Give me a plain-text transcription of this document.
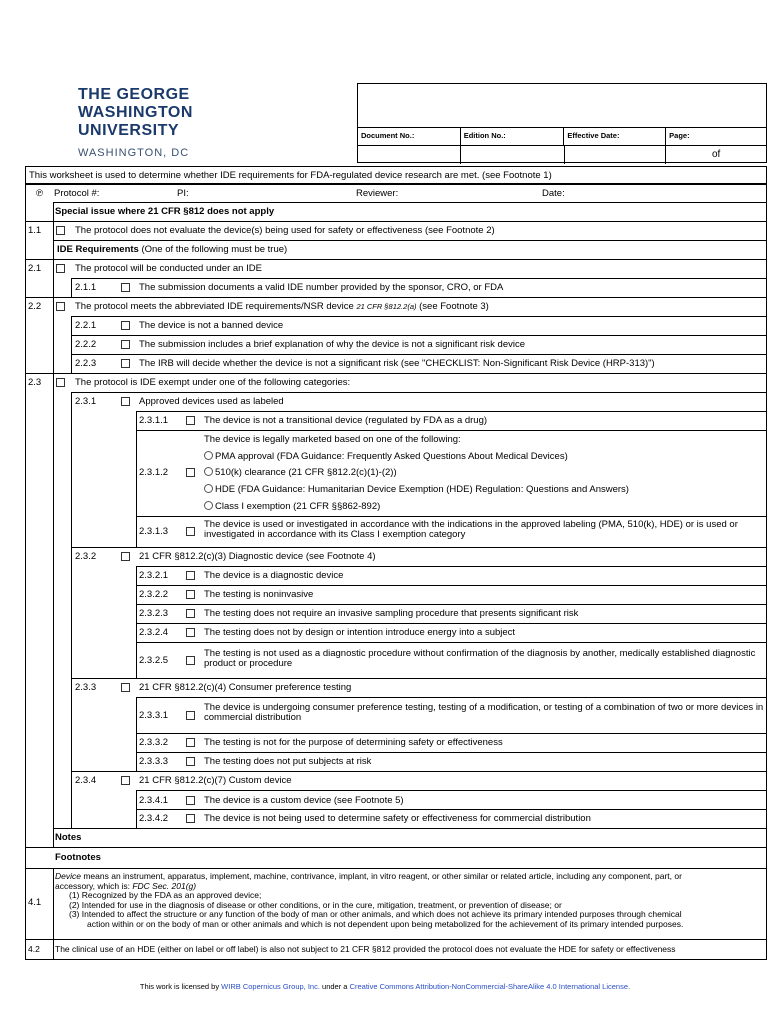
THE GEORGE
WASHINGTON
UNIVERSITY
WASHINGTON, DC
Document No.:	Edition No.:	Effective Date:	Page:
of
This worksheet is used to determine whether IDE requirements for FDA-regulated device research are met. (see Footnote 1)
℗ Protocol #:	PI:	Reviewer:	Date:
Special issue where 21 CFR §812 does not apply
1.1	The protocol does not evaluate the device(s) being used for safety or effectiveness (see Footnote 2)
IDE Requirements (One of the following must be true)
2.1	The protocol will be conducted under an IDE
2.1.1	The submission documents a valid IDE number provided by the sponsor, CRO, or FDA
2.2	The protocol meets the abbreviated IDE requirements/NSR device 21 CFR §812.2(a) (see Footnote 3)
2.2.1	The device is not a banned device
2.2.2	The submission includes a brief explanation of why the device is not a significant risk device
2.2.3	The IRB will decide whether the device is not a significant risk (see "CHECKLIST: Non-Significant Risk Device (HRP-313)")
2.3	The protocol is IDE exempt under one of the following categories:
2.3.1	Approved devices used as labeled
2.3.1.1	The device is not a transitional device (regulated by FDA as a drug)
2.3.1.2
The device is legally marketed based on one of the following:
PMA approval (FDA Guidance: Frequently Asked Questions About Medical Devices)
510(k) clearance (21 CFR §812.2(c)(1)-(2))
HDE (FDA Guidance: Humanitarian Device Exemption (HDE) Regulation: Questions and Answers)
Class I exemption (21 CFR §§862-892)
2.3.1.3
The device is used or investigated in accordance with the indications in the approved labeling (PMA, 510(k), HDE) or is used or investigated in accordance with its Class I exemption category
2.3.2	21 CFR §812.2(c)(3) Diagnostic device (see Footnote 4)
2.3.2.1	The device is a diagnostic device
2.3.2.2	The testing is noninvasive
2.3.2.3	The testing does not require an invasive sampling procedure that presents significant risk
2.3.2.4	The testing does not by design or intention introduce energy into a subject
2.3.2.5
The testing is not used as a diagnostic procedure without confirmation of the diagnosis by another, medically established diagnostic product or procedure
2.3.3	21 CFR §812.2(c)(4) Consumer preference testing
2.3.3.1
The device is undergoing consumer preference testing, testing of a modification, or testing of a combination of two or more devices in commercial distribution
2.3.3.2	The testing is not for the purpose of determining safety or effectiveness
2.3.3.3	The testing does not put subjects at risk
2.3.4	21 CFR §812.2(c)(7) Custom device
2.3.4.1	The device is a custom device (see Footnote 5)
2.3.4.2	The device is not being used to determine safety or effectiveness for commercial distribution
Notes
Footnotes
4.1
Device means an instrument, apparatus, implement, machine, contrivance, implant, in vitro reagent, or other similar or related article, including any component, part, or
accessory, which is: FDC Sec. 201(g)
(1) Recognized by the FDA as an approved device;
(2) Intended for use in the diagnosis of disease or other conditions, or in the cure, mitigation, treatment, or prevention of disease; or
(3) Intended to affect the structure or any function of the body of man or other animals, and which does not achieve its primary intended purposes through chemical
action within or on the body of man or other animals and which is not dependent upon being metabolized for the achievement of its primary intended purposes.
4.2 The clinical use of an HDE (either on label or off label) is also not subject to 21 CFR §812 provided the protocol does not evaluate the HDE for safety or effectiveness
This work is licensed by WIRB Copernicus Group, Inc. under a Creative Commons Attribution-NonCommercial-ShareAlike 4.0 International License.
